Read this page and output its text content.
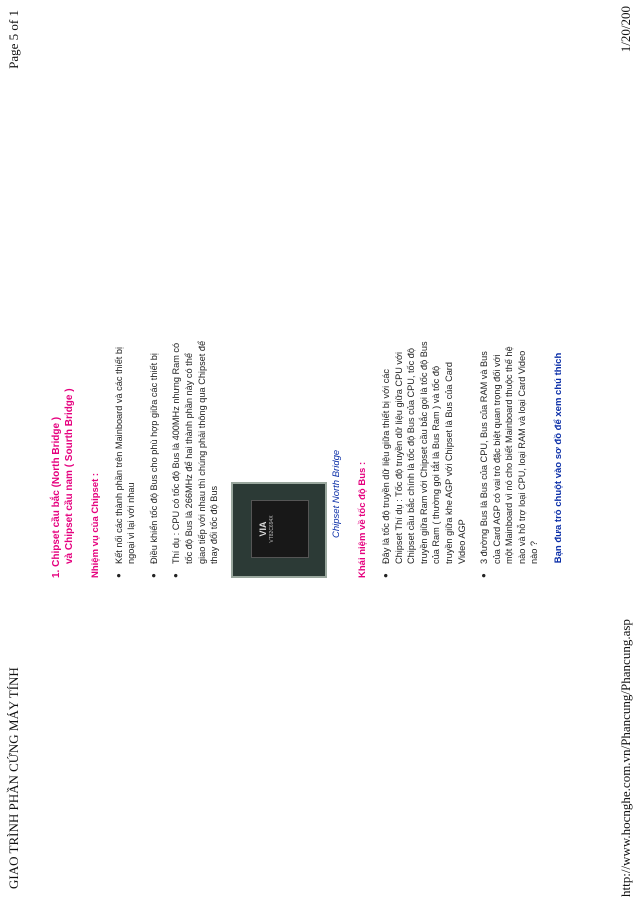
GIAO TRÌNH PHẦN CỨNG MÁY TÍNH
Page 5 of 1
1. Chipset cầu bắc (North Bridge ) và Chipset cầu nam ( Sourth Bridge ) Nhiệm vụ của Chipset : ● Kết nối các thành phần trên Mainboard và các thiết bị ngoại vi lại với nhau ● Điều khiển tốc độ Bus cho phù hợp giữa các thiết bị ● Thí dụ : CPU có tốc độ Bus là 400MHz nhưng Ram có tốc độ Bus là 266MHz để hai thành phần này có thể giao tiếp với nhau thì chúng phải thông qua Chipset để thay đổi tốc độ Bus	VIA VT82C694X	Chipset North Bridge Khái niệm về tốc độ Bus : ● Đây là tốc độ truyền dữ liệu giữa thiết bị với các Chipset Thí dụ : Tốc độ truyền dữ liệu giữa CPU với Chipset cầu bắc chính là tốc độ Bus của CPU, tốc độ truyền giữa Ram với Chipset cầu bắc gọi là tốc độ Bus của Ram ( thường gọi tắt là Bus Ram ) và tốc độ truyền giữa khe AGP với Chipset là Bus của Card Video AGP ● 3 đường Bus là Bus của CPU, Bus của RAM và Bus của Card AGP có vai trò đặc biệt quan trọng đối với một Mainboard vì nó cho biết Mainboard thuộc thế hệ nào và hỗ trợ loại CPU, loại RAM và loại Card Video nào ? Bạn đưa trỏ chuột vào sơ đồ để xem chú thích
http://www.hocnghe.com.vn/Phancung/Phancung.asp
1/20/200
